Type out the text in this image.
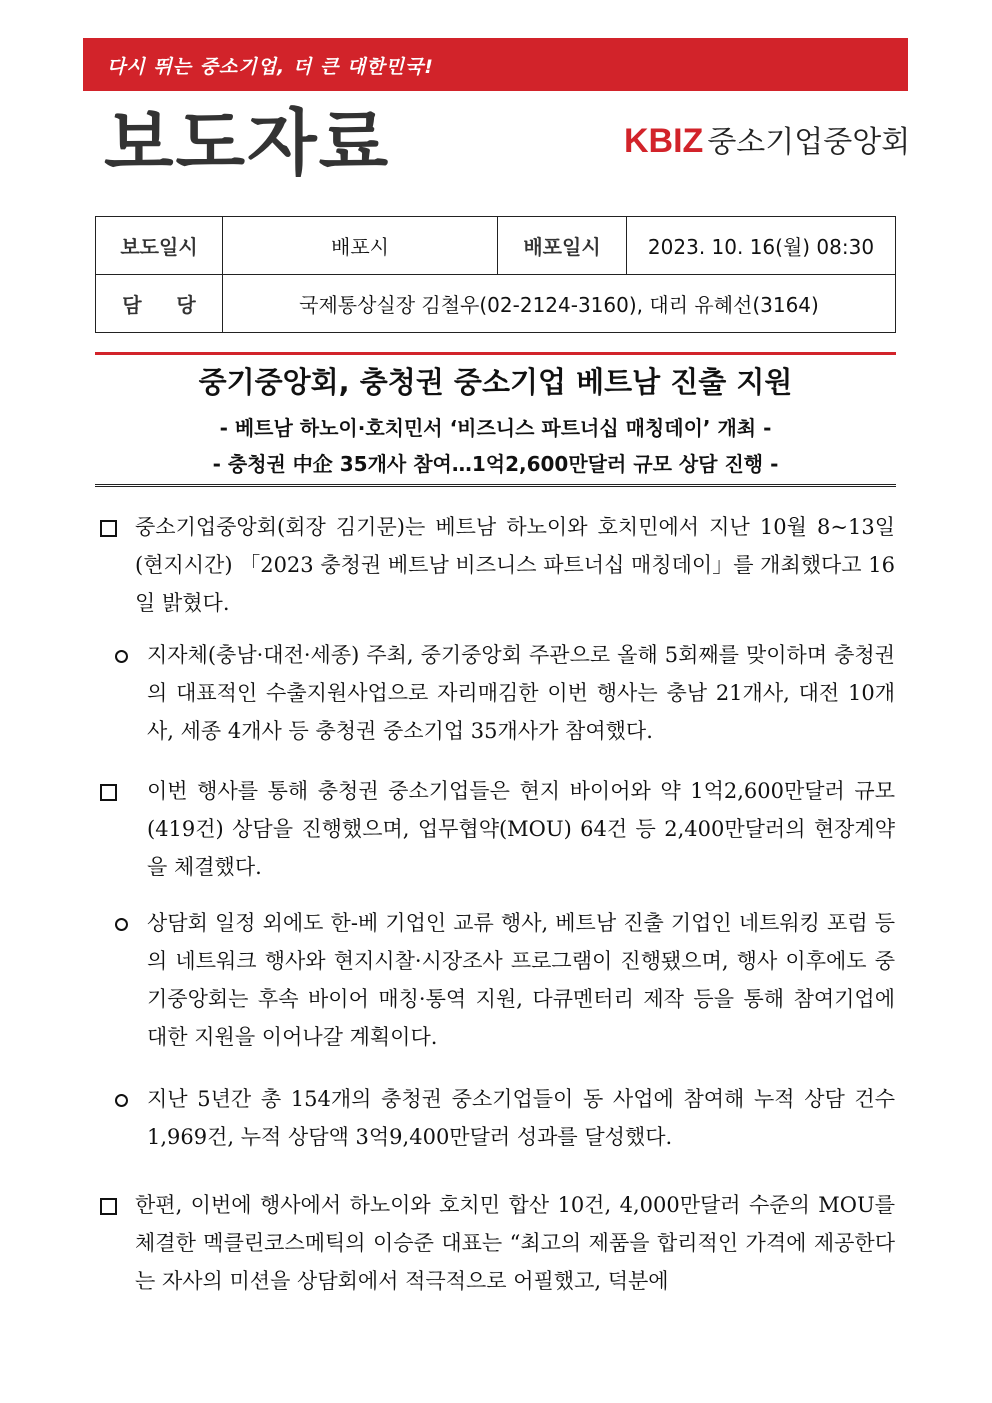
다시 뛰는 중소기업, 더 큰 대한민국!
보도자료	KBIZ 중소기업중앙회
보도일시	배포시	배포일시	2023. 10. 16(월) 08:30
담     당	국제통상실장 김철우(02-2124-3160), 대리 유혜선(3164)		
중기중앙회, 충청권 중소기업 베트남 진출 지원
- 베트남 하노이·호치민서 ‘비즈니스 파트너십 매칭데이’ 개최 -
- 충청권 中企 35개사 참여…1억2,600만달러 규모 상담 진행 -
중소기업중앙회(회장 김기문)는 베트남 하노이와 호치민에서 지난 10월 8~13일(현지시간) 「2023 충청권 베트남 비즈니스 파트너십 매칭데이」를 개최했다고 16일 밝혔다.
지자체(충남·대전·세종) 주최, 중기중앙회 주관으로 올해 5회째를 맞이하며 충청권의 대표적인 수출지원사업으로 자리매김한 이번 행사는 충남 21개사, 대전 10개사, 세종 4개사 등 충청권 중소기업 35개사가 참여했다.
이번 행사를 통해 충청권 중소기업들은 현지 바이어와 약 1억2,600만달러 규모(419건) 상담을 진행했으며, 업무협약(MOU) 64건 등 2,400만달러의 현장계약을 체결했다.
상담회 일정 외에도 한-베 기업인 교류 행사, 베트남 진출 기업인 네트워킹 포럼 등의 네트워크 행사와 현지시찰·시장조사 프로그램이 진행됐으며, 행사 이후에도 중기중앙회는 후속 바이어 매칭·통역 지원, 다큐멘터리 제작 등을 통해 참여기업에 대한 지원을 이어나갈 계획이다.
지난 5년간 총 154개의 충청권 중소기업들이 동 사업에 참여해 누적 상담 건수 1,969건, 누적 상담액 3억9,400만달러 성과를 달성했다.
한편, 이번에 행사에서 하노이와 호치민 합산 10건, 4,000만달러 수준의 MOU를 체결한 멕클린코스메틱의 이승준 대표는 “최고의 제품을 합리적인 가격에 제공한다는 자사의 미션을 상담회에서 적극적으로 어필했고, 덕분에
